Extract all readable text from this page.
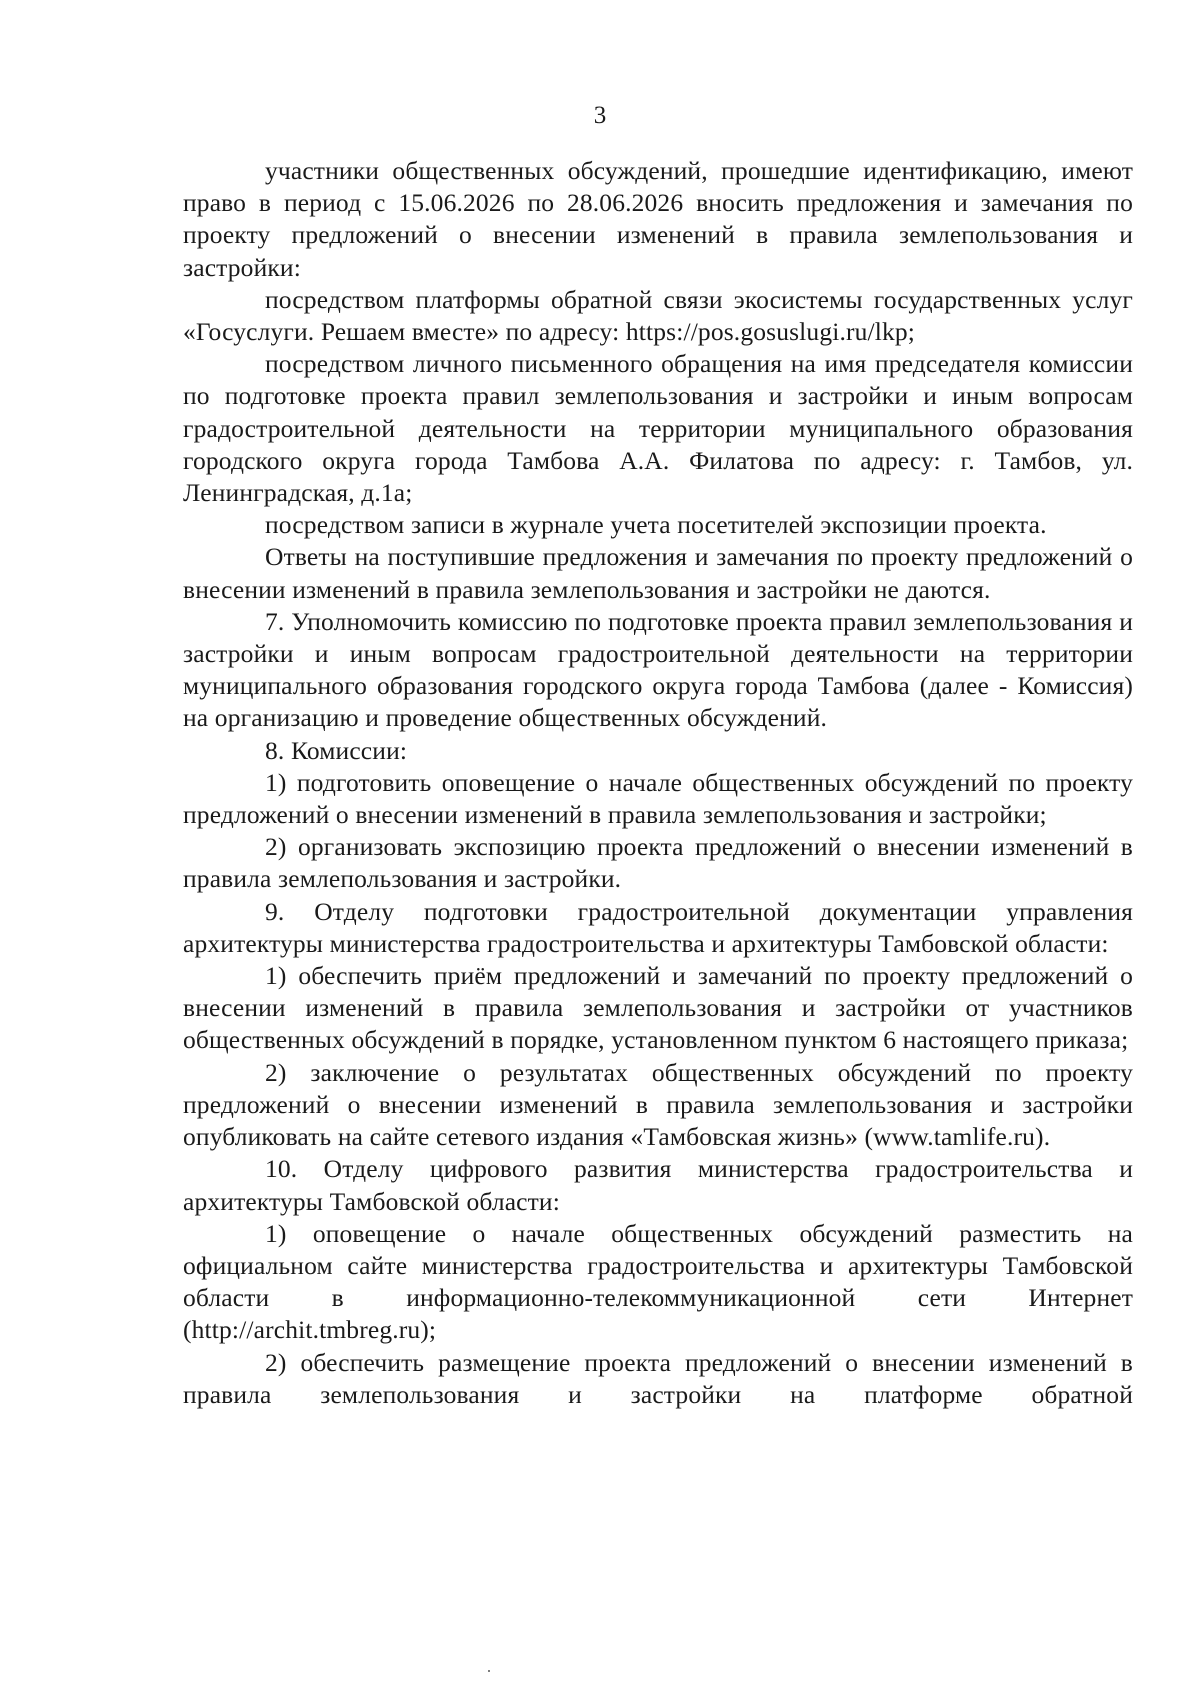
3

участники общественных обсуждений, прошедшие идентификацию, имеют право в период с 15.06.2026 по 28.06.2026 вносить предложения и замечания по проекту предложений о внесении изменений в правила землепользования и застройки:

посредством платформы обратной связи экосистемы государственных услуг «Госуслуги. Решаем вместе» по адресу: https://pos.gosuslugi.ru/lkp;

посредством личного письменного обращения на имя председателя комиссии по подготовке проекта правил землепользования и застройки и иным вопросам градостроительной деятельности на территории муниципального образования городского округа города Тамбова А.А. Филатова по адресу: г. Тамбов, ул. Ленинградская, д.1а;

посредством записи в журнале учета посетителей экспозиции проекта.

Ответы на поступившие предложения и замечания по проекту предложений о внесении изменений в правила землепользования и застройки не даются.

7. Уполномочить комиссию по подготовке проекта правил землепользования и застройки и иным вопросам градостроительной деятельности на территории муниципального образования городского округа города Тамбова (далее - Комиссия) на организацию и проведение общественных обсуждений.

8. Комиссии:

1) подготовить оповещение о начале общественных обсуждений по проекту предложений о внесении изменений в правила землепользования и застройки;

2) организовать экспозицию проекта предложений о внесении изменений в правила землепользования и застройки.

9. Отделу подготовки градостроительной документации управления архитектуры министерства градостроительства и архитектуры Тамбовской области:

1) обеспечить приём предложений и замечаний по проекту предложений о внесении изменений в правила землепользования и застройки от участников общественных обсуждений в порядке, установленном пунктом 6 настоящего приказа;

2) заключение о результатах общественных обсуждений по проекту предложений о внесении изменений в правила землепользования и застройки опубликовать на сайте сетевого издания «Тамбовская жизнь» (www.tamlife.ru).

10. Отделу цифрового развития министерства градостроительства и архитектуры Тамбовской области:

1) оповещение о начале общественных обсуждений разместить на официальном сайте министерства градостроительства и архитектуры Тамбовской области в информационно-телекоммуникационной сети Интернет (http://archit.tmbreg.ru);

2) обеспечить размещение проекта предложений о внесении изменений в правила землепользования и застройки на платформе обратной
